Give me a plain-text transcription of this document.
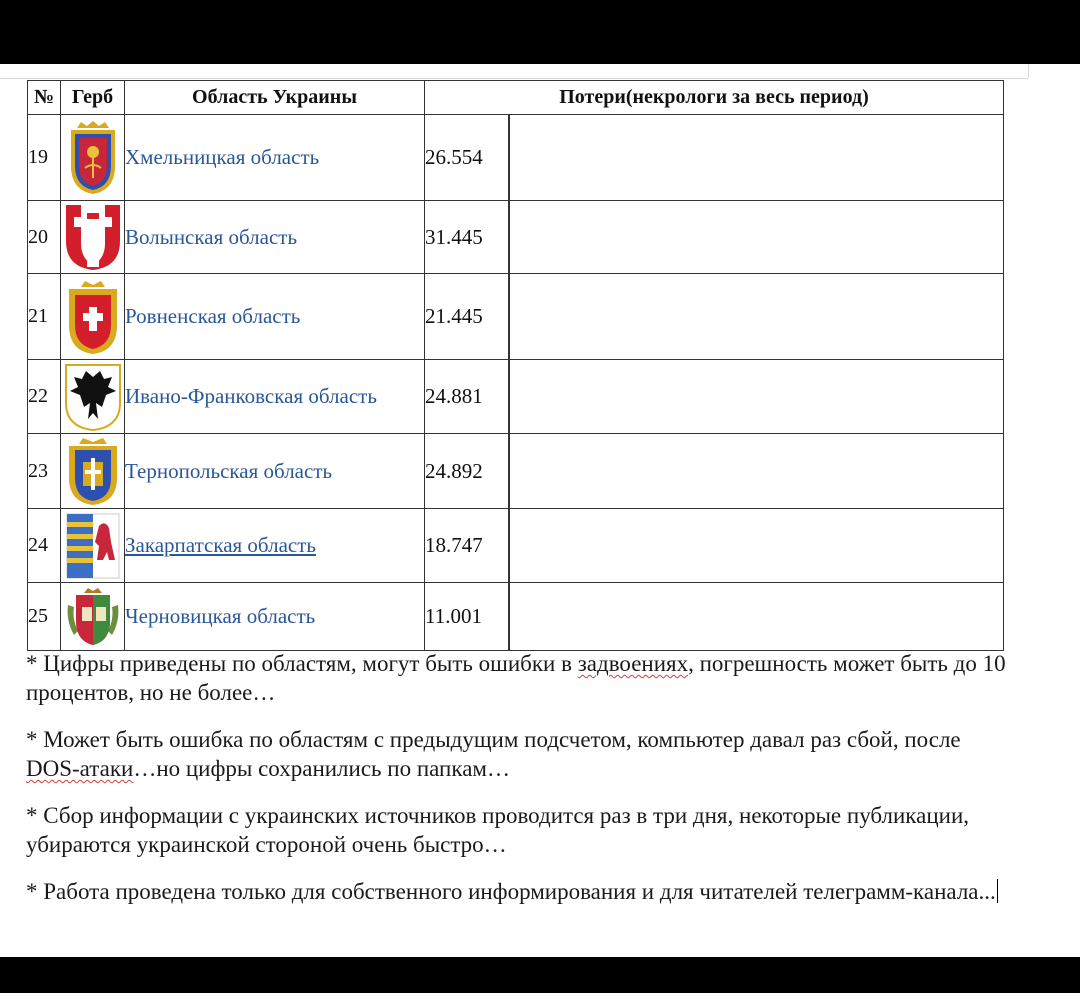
№	Герб	Область Украины	Потери(некрологи за весь период)	
19		Хмельницкая область	26.554	

20		Волынская область	31.445	

21		Ровненская область	21.445	

22		Ивано-Франковская область	24.881	

23		Тернопольская область	24.892	

24		Закарпатская область	18.747	

25		Черновицкая область	11.001	

* Цифры приведены по областям, могут быть ошибки в задвоениях, погрешность может быть до 10 процентов, но не более…

* Может быть ошибка по областям с предыдущим подсчетом, компьютер давал раз сбой, после DOS-атаки…но цифры сохранились по папкам…

* Сбор информации с украинских источников проводится раз в три дня, некоторые публикации, убираются украинской стороной очень быстро…

* Работа проведена только для собственного информирования и для читателей телеграмм-канала...
